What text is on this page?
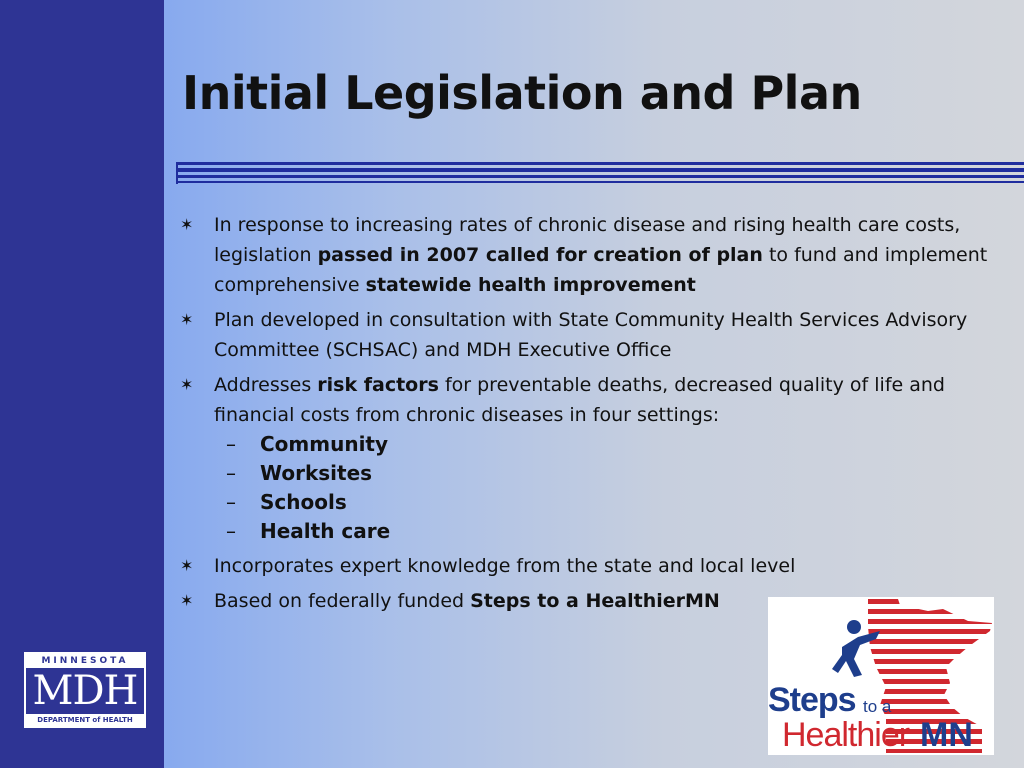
Initial Legislation and Plan
✶ In response to increasing rates of chronic disease and rising health care costs, legislation passed in 2007 called for creation of plan to fund and implement comprehensive statewide health improvement
✶ Plan developed in consultation with State Community Health Services Advisory Committee (SCHSAC) and MDH Executive Office
✶ Addresses risk factors for preventable deaths, decreased quality of life and financial costs from chronic diseases in four settings:
– Community
– Worksites
– Schools
– Health care
✶ Incorporates expert knowledge from the state and local level
✶ Based on federally funded Steps to a HealthierMN
MINNESOTA
MDH
DEPARTMENT of HEALTH
Steps to a
Healthier MN
